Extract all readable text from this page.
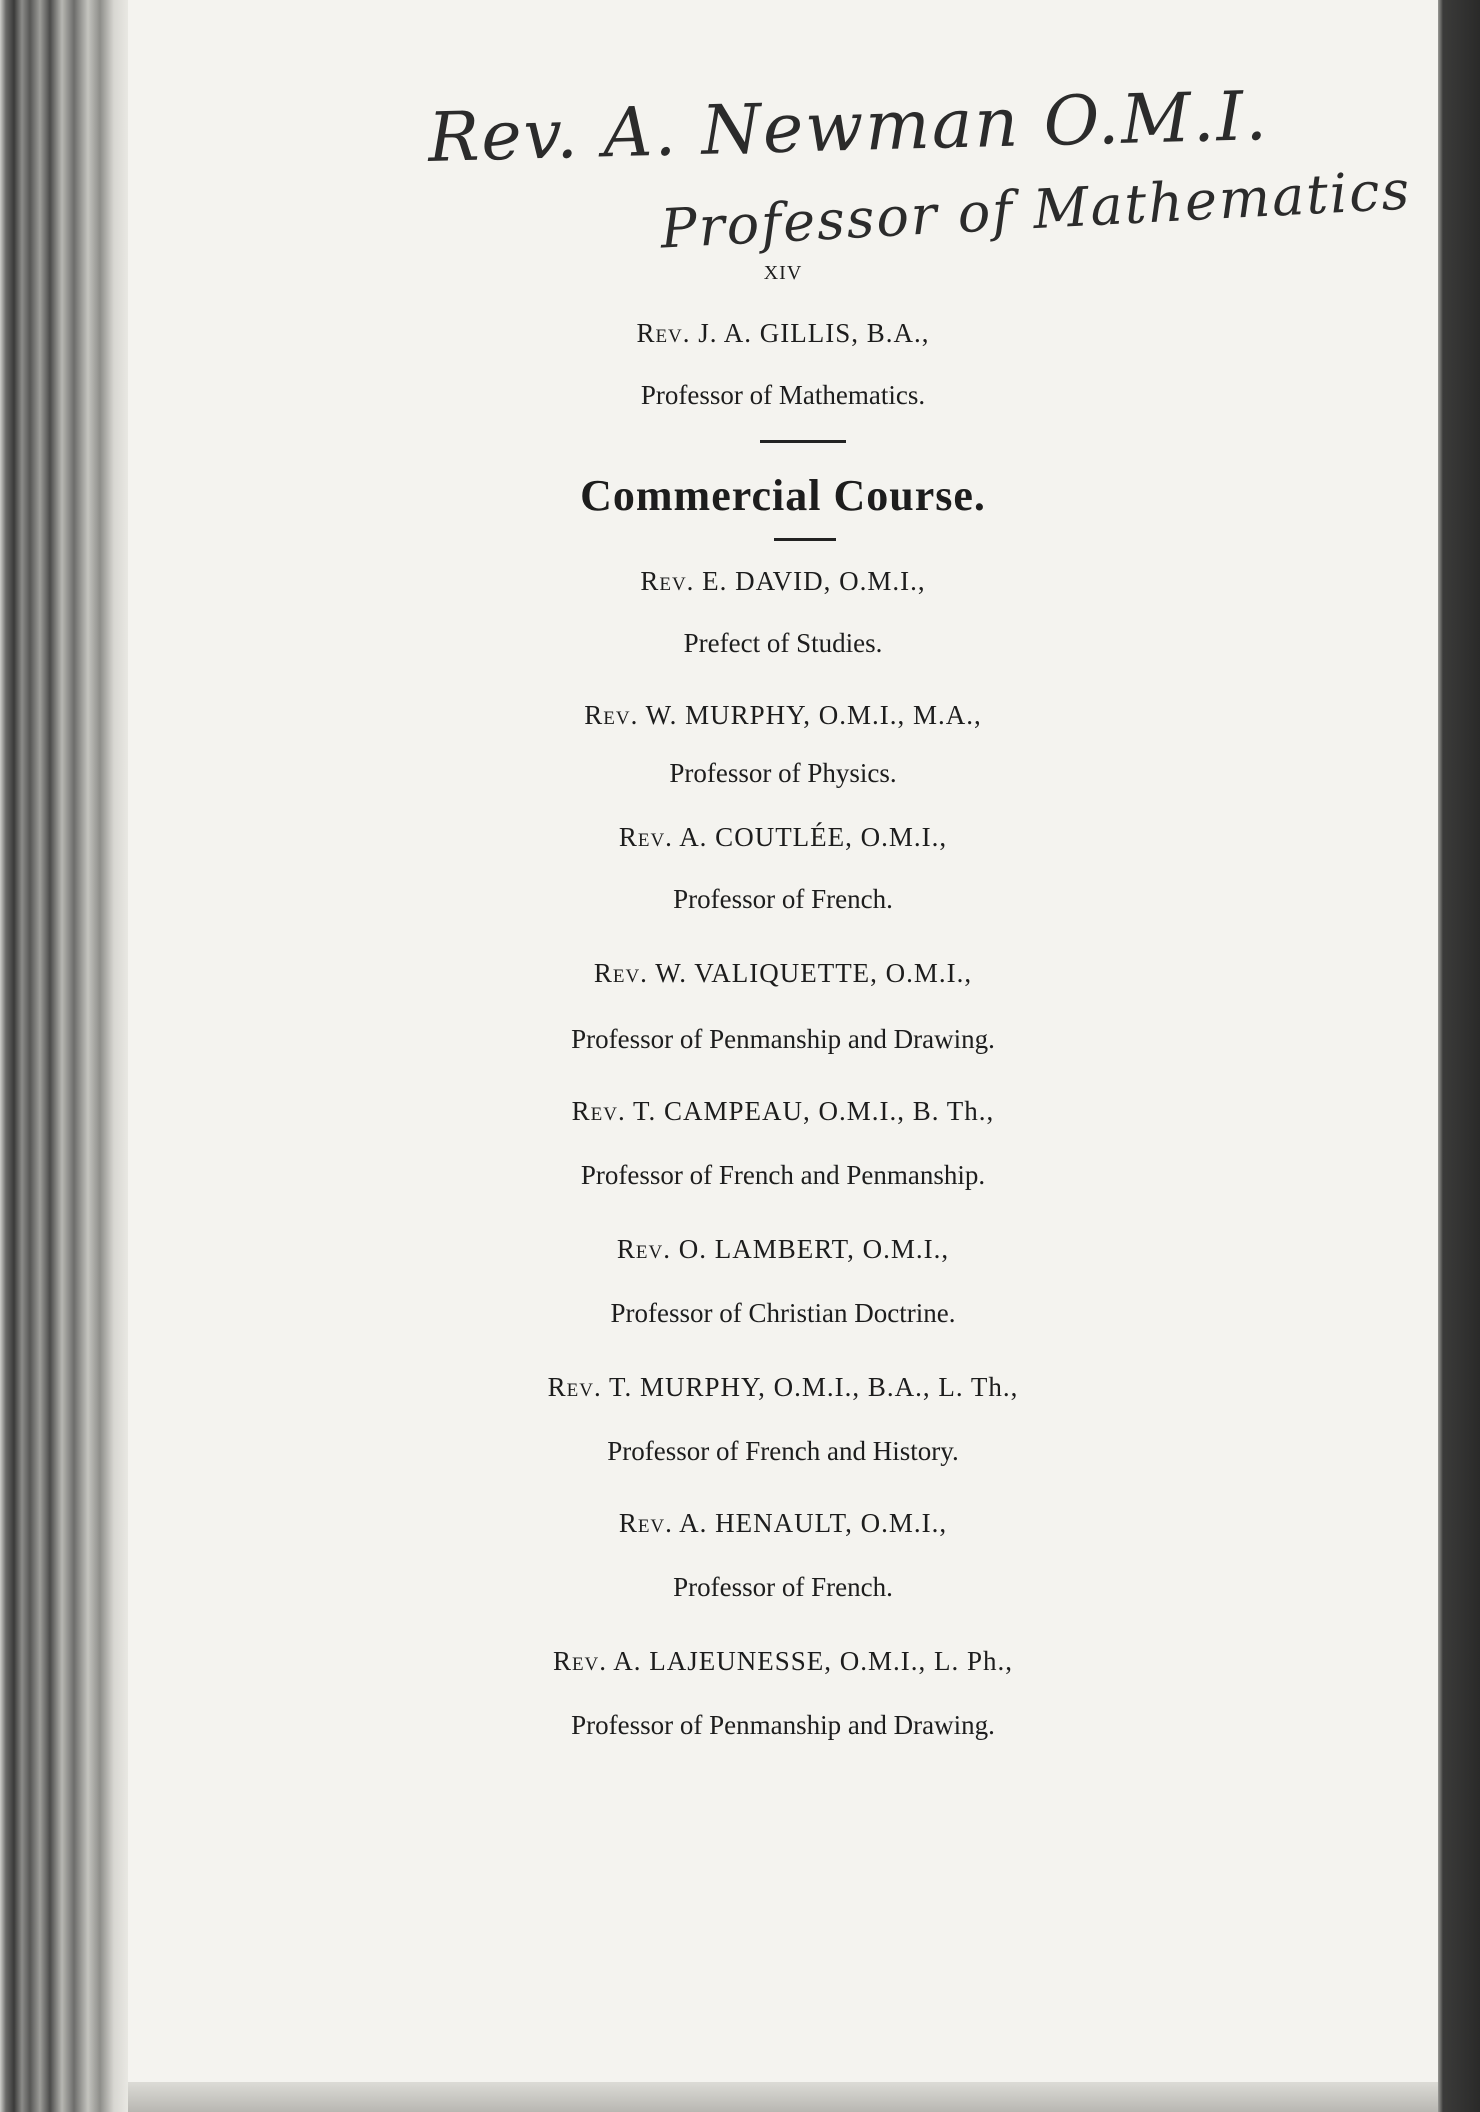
Rev. A. Newman O.M.I.
Professor of Mathematics
XIV
Rev. J. A. GILLIS, B.A.,
Professor of Mathematics.
Commercial Course.
Rev. E. DAVID, O.M.I.,
Prefect of Studies.
Rev. W. MURPHY, O.M.I., M.A.,
Professor of Physics.
Rev. A. COUTLÉE, O.M.I.,
Professor of French.
Rev. W. VALIQUETTE, O.M.I.,
Professor of Penmanship and Drawing.
Rev. T. CAMPEAU, O.M.I., B. Th.,
Professor of French and Penmanship.
Rev. O. LAMBERT, O.M.I.,
Professor of Christian Doctrine.
Rev. T. MURPHY, O.M.I., B.A., L. Th.,
Professor of French and History.
Rev. A. HENAULT, O.M.I.,
Professor of French.
Rev. A. LAJEUNESSE, O.M.I., L. Ph.,
Professor of Penmanship and Drawing.
